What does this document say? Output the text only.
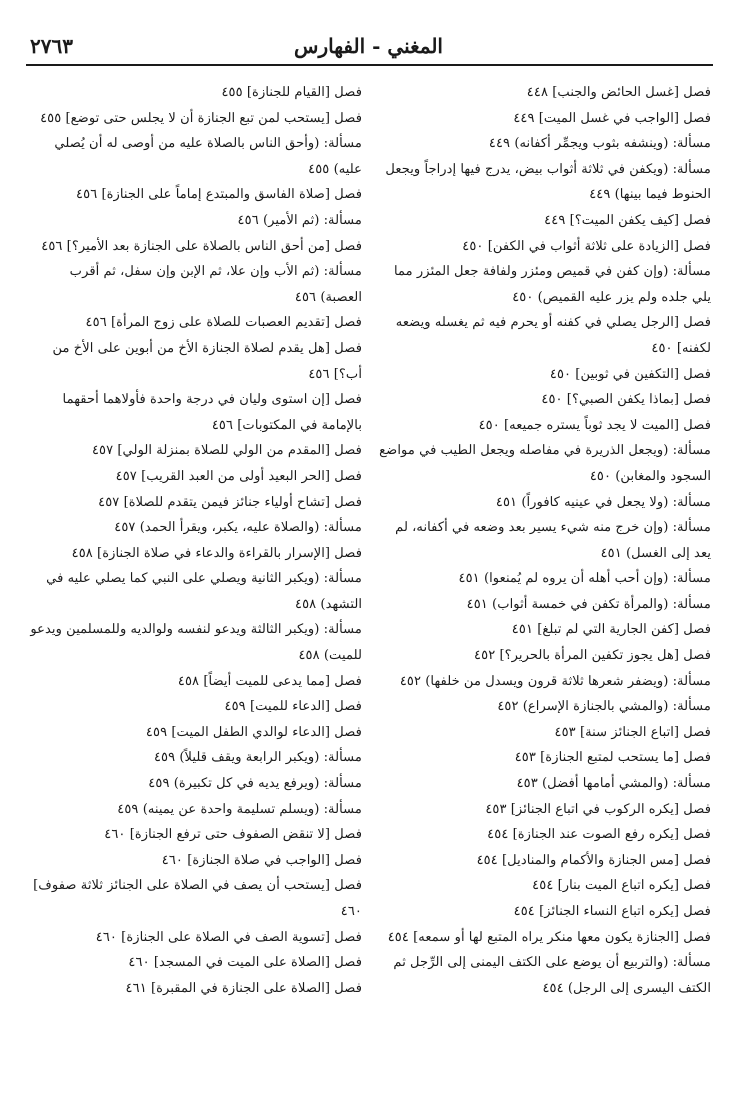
المغني - الفهارس
٢٧٦٣

فصل [غسل الحائض والجنب] ٤٤٨

فصل [الواجب في غسل الميت] ٤٤٩

مسألة: (وينشفه بثوب ويجمِّر أكفانه) ٤٤٩

مسألة: (ويكفن في ثلاثة أثواب بيض، يدرج فيها إدراجاً ويجعل الحنوط فيما بينها) ٤٤٩

فصل [كيف يكفن الميت؟] ٤٤٩

فصل [الزيادة على ثلاثة أثواب في الكفن] ٤٥٠

مسألة: (وإن كفن في قميص ومئزر ولفافة جعل المئزر مما يلي جلده ولم يزر عليه القميص) ٤٥٠

فصل [الرجل يصلي في كفنه أو يحرم فيه ثم يغسله ويضعه لكفنه] ٤٥٠

فصل [التكفين في ثوبين] ٤٥٠

فصل [بماذا يكفن الصبي؟] ٤٥٠

فصل [الميت لا يجد ثوباً يستره جميعه] ٤٥٠

مسألة: (ويجعل الذريرة في مفاصله ويجعل الطيب في مواضع السجود والمغابن) ٤٥٠

مسألة: (ولا يجعل في عينيه كافوراً) ٤٥١

مسألة: (وإن خرج منه شيء يسير بعد وضعه في أكفانه، لم يعد إلى الغسل) ٤٥١

مسألة: (وإن أحب أهله أن يروه لم يُمنعوا) ٤٥١

مسألة: (والمرأة تكفن في خمسة أثواب) ٤٥١

فصل [كفن الجارية التي لم تبلغ] ٤٥١

فصل [هل يجوز تكفين المرأة بالحرير؟] ٤٥٢

مسألة: (ويضفر شعرها ثلاثة قرون ويسدل من خلفها) ٤٥٢

مسألة: (والمشي بالجنازة الإسراع) ٤٥٢

فصل [اتباع الجنائز سنة] ٤٥٣

فصل [ما يستحب لمتبع الجنازة] ٤٥٣

مسألة: (والمشي أمامها أفضل) ٤٥٣

فصل [يكره الركوب في اتباع الجنائز] ٤٥٣

فصل [يكره رفع الصوت عند الجنازة] ٤٥٤

فصل [مس الجنازة والأكمام والمناديل] ٤٥٤

فصل [يكره اتباع الميت بنار] ٤٥٤

فصل [يكره اتباع النساء الجنائز] ٤٥٤

فصل [الجنازة يكون معها منكر يراه المتبع لها أو سمعه] ٤٥٤

مسألة: (والتربيع أن يوضع على الكتف اليمنى إلى الرِّجل ثم الكتف اليسرى إلى الرجل) ٤٥٤

فصل [القيام للجنازة] ٤٥٥

فصل [يستحب لمن تبع الجنازة أن لا يجلس حتى توضع] ٤٥٥

مسألة: (وأحق الناس بالصلاة عليه من أوصى له أن يُصلي عليه) ٤٥٥

فصل [صلاة الفاسق والمبتدع إماماً على الجنازة] ٤٥٦

مسألة: (ثم الأمير) ٤٥٦

فصل [من أحق الناس بالصلاة على الجنازة بعد الأمير؟] ٤٥٦

مسألة: (ثم الأب وإن علا، ثم الإبن وإن سفل، ثم أقرب العصبة) ٤٥٦

فصل [تقديم العصبات للصلاة على زوج المرأة] ٤٥٦

فصل [هل يقدم لصلاة الجنازة الأخ من أبوين على الأخ من أب؟] ٤٥٦

فصل [إن استوى وليان في درجة واحدة فأولاهما أحقهما بالإمامة في المكتوبات] ٤٥٦

فصل [المقدم من الولي للصلاة بمنزلة الولي] ٤٥٧

فصل [الحر البعيد أولى من العبد القريب] ٤٥٧

فصل [تشاح أولياء جنائز فيمن يتقدم للصلاة] ٤٥٧

مسألة: (والصلاة عليه، يكبر، ويقرأ الحمد) ٤٥٧

فصل [الإسرار بالقراءة والدعاء في صلاة الجنازة] ٤٥٨

مسألة: (ويكبر الثانية ويصلي على النبي كما يصلي عليه في التشهد) ٤٥٨

مسألة: (ويكبر الثالثة ويدعو لنفسه ولوالديه وللمسلمين ويدعو للميت) ٤٥٨

فصل [مما يدعى للميت أيضاً] ٤٥٨

فصل [الدعاء للميت] ٤٥٩

فصل [الدعاء لوالدي الطفل الميت] ٤٥٩

مسألة: (ويكبر الرابعة ويقف قليلاً) ٤٥٩

مسألة: (ويرفع يديه في كل تكبيرة) ٤٥٩

مسألة: (ويسلم تسليمة واحدة عن يمينه) ٤٥٩

فصل [لا تنقض الصفوف حتى ترفع الجنازة] ٤٦٠

فصل [الواجب في صلاة الجنازة] ٤٦٠

فصل [يستحب أن يصف في الصلاة على الجنائز ثلاثة صفوف] ٤٦٠

فصل [تسوية الصف في الصلاة على الجنازة] ٤٦٠

فصل [الصلاة على الميت في المسجد] ٤٦٠

فصل [الصلاة على الجنازة في المقبرة] ٤٦١
